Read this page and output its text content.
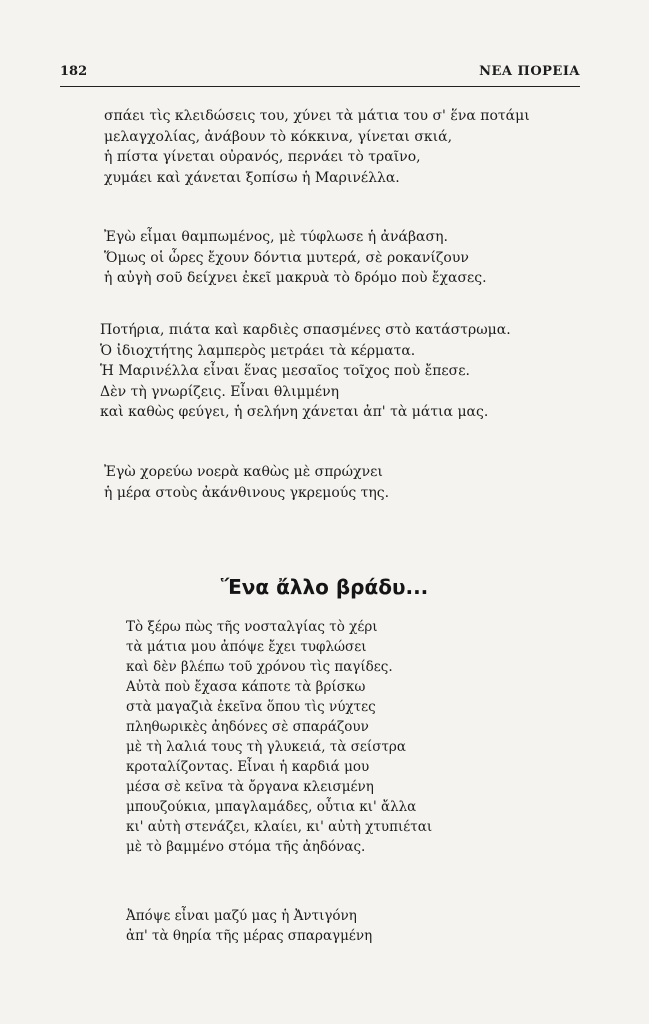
182	ΝΕΑ ΠΟΡΕΙΑ
σπάει τὶς κλειδώσεις του, χύνει τὰ μάτια του σ' ἕνα ποτάμι
μελαγχολίας, ἀνάβουν τὸ κόκκινα, γίνεται σκιά,
ἡ πίστα γίνεται οὐρανός, περνάει τὸ τραῖνο,
χυμάει καὶ χάνεται ξοπίσω ἡ Μαρινέλλα.
Ἐγὼ εἶμαι θαμπωμένος, μὲ τύφλωσε ἡ ἀνάβαση.
Ὅμως οἱ ὧρες ἔχουν δόντια μυτερά, σὲ ροκανίζουν
ἡ αὐγὴ σοῦ δείχνει ἐκεῖ μακρυὰ τὸ δρόμο ποὺ ἔχασες.
Ποτήρια, πιάτα καὶ καρδιὲς σπασμένες στὸ κατάστρωμα.
Ὁ ἰδιοχτήτης λαμπερὸς μετράει τὰ κέρματα.
Ἡ Μαρινέλλα εἶναι ἕνας μεσαῖος τοῖχος ποὺ ἔπεσε.
Δὲν τὴ γνωρίζεις. Εἶναι θλιμμένη
καὶ καθὼς φεύγει, ἡ σελήνη χάνεται ἀπ' τὰ μάτια μας.
Ἐγὼ χορεύω νοερὰ καθὼς μὲ σπρώχνει
ἡ μέρα στοὺς ἀκάνθινους γκρεμούς της.
Ἕνα ἄλλο βράδυ...
Τὸ ξέρω πὼς τῆς νοσταλγίας τὸ χέρι
τὰ μάτια μου ἀπόψε ἔχει τυφλώσει
καὶ δὲν βλέπω τοῦ χρόνου τὶς παγίδες.
Αὐτὰ ποὺ ἔχασα κάποτε τὰ βρίσκω
στὰ μαγαζιὰ ἐκεῖνα ὅπου τὶς νύχτες
πληθωρικὲς ἀηδόνες σὲ σπαράζουν
μὲ τὴ λαλιά τους τὴ γλυκειά, τὰ σείστρα
κροταλίζοντας. Εἶναι ἡ καρδιά μου
μέσα σὲ κεῖνα τὰ ὄργανα κλεισμένη
μπουζούκια, μπαγλαμάδες, οὖτια κι' ἄλλα
κι' αὐτὴ στενάζει, κλαίει, κι' αὐτὴ χτυπιέται
μὲ τὸ βαμμένο στόμα τῆς ἀηδόνας.
Ἀπόψε εἶναι μαζύ μας ἡ Ἀντιγόνη
ἀπ' τὰ θηρία τῆς μέρας σπαραγμένη
